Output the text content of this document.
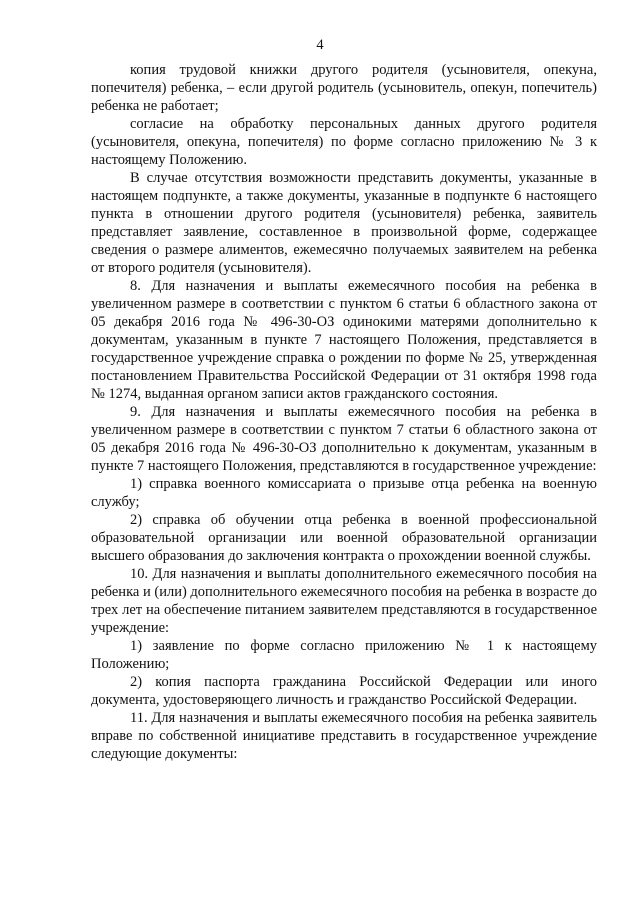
4

копия трудовой книжки другого родителя (усыновителя, опекуна, попечителя) ребенка, – если другой родитель (усыновитель, опекун, попечитель) ребенка не работает;

согласие на обработку персональных данных другого родителя (усыновителя, опекуна, попечителя) по форме согласно приложению № 3 к настоящему Положению.

В случае отсутствия возможности представить документы, указанные в настоящем подпункте, а также документы, указанные в подпункте 6 настоящего пункта в отношении другого родителя (усыновителя) ребенка, заявитель представляет заявление, составленное в произвольной форме, содержащее сведения о размере алиментов, ежемесячно получаемых заявителем на ребенка от второго родителя (усыновителя).

8. Для назначения и выплаты ежемесячного пособия на ребенка в увеличенном размере в соответствии с пунктом 6 статьи 6 областного закона от 05 декабря 2016 года № 496-30-ОЗ одинокими матерями дополнительно к документам, указанным в пункте 7 настоящего Положения, представляется в государственное учреждение справка о рождении по форме № 25, утвержденная постановлением Правительства Российской Федерации от 31 октября 1998 года № 1274, выданная органом записи актов гражданского состояния.

9. Для назначения и выплаты ежемесячного пособия на ребенка в увеличенном размере в соответствии с пунктом 7 статьи 6 областного закона от 05 декабря 2016 года № 496-30-ОЗ дополнительно к документам, указанным в пункте 7 настоящего Положения, представляются в государственное учреждение:

1) справка военного комиссариата о призыве отца ребенка на военную службу;

2) справка об обучении отца ребенка в военной профессиональной образовательной организации или военной образовательной организации высшего образования до заключения контракта о прохождении военной службы.

10. Для назначения и выплаты дополнительного ежемесячного пособия на ребенка и (или) дополнительного ежемесячного пособия на ребенка в возрасте до трех лет на обеспечение питанием заявителем представляются в государственное учреждение:

1) заявление по форме согласно приложению № 1 к настоящему Положению;

2) копия паспорта гражданина Российской Федерации или иного документа, удостоверяющего личность и гражданство Российской Федерации.

11. Для назначения и выплаты ежемесячного пособия на ребенка заявитель вправе по собственной инициативе представить в государственное учреждение следующие документы:
